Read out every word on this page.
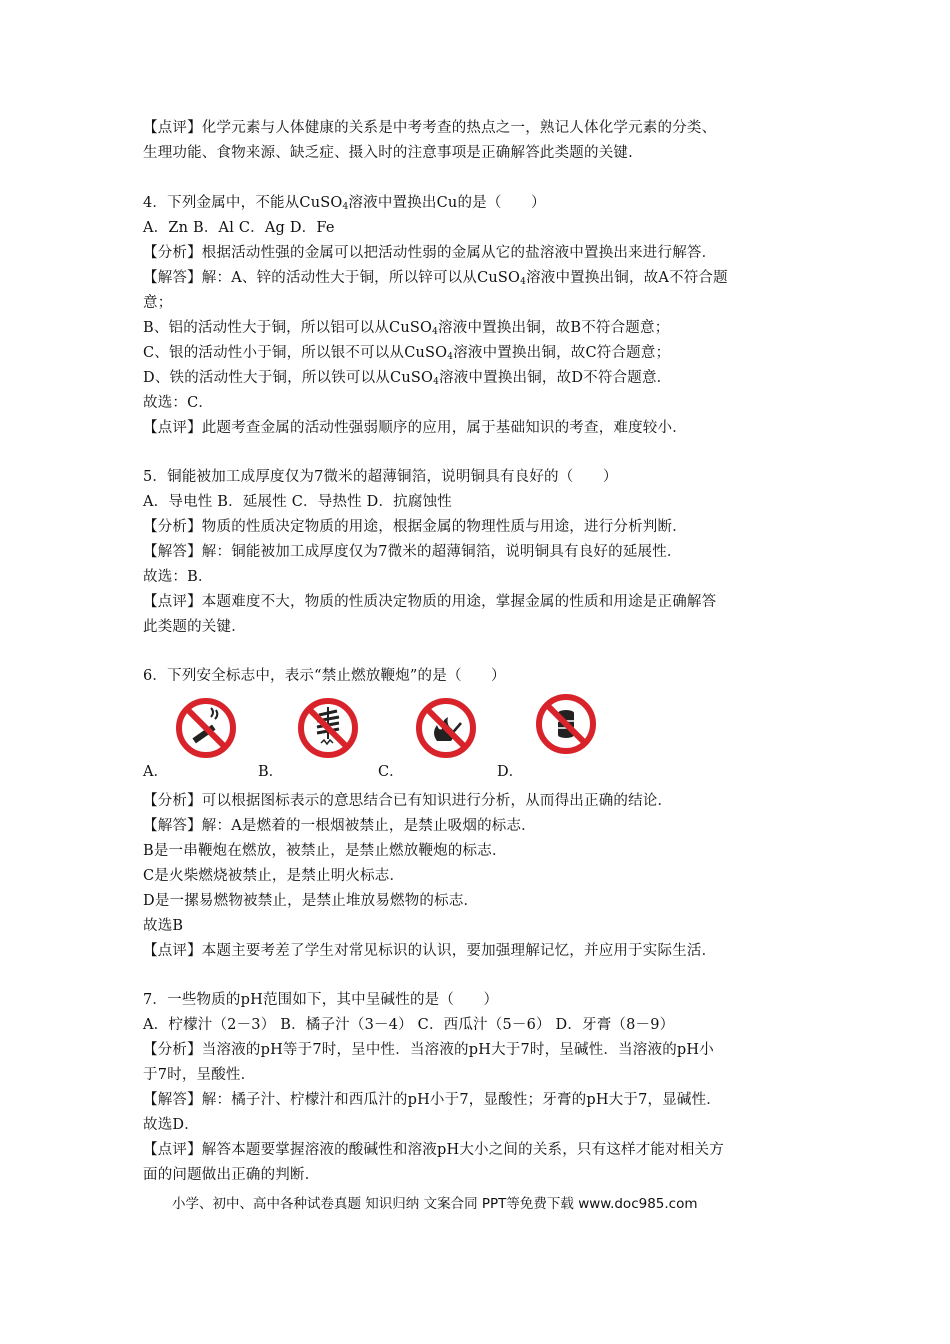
【点评】化学元素与人体健康的关系是中考考查的热点之一，熟记人体化学元素的分类、
生理功能、食物来源、缺乏症、摄入时的注意事项是正确解答此类题的关键.
4．下列金属中，不能从CuSO$_4$溶液中置换出Cu的是（　　）
A．Zn B．Al C．Ag D．Fe
【分析】根据活动性强的金属可以把活动性弱的金属从它的盐溶液中置换出来进行解答．
【解答】解：A、锌的活动性大于铜，所以锌可以从CuSO$_4$溶液中置换出铜，故A不符合题
意；
B、铝的活动性大于铜，所以铝可以从CuSO$_4$溶液中置换出铜，故B不符合题意；
C、银的活动性小于铜，所以银不可以从CuSO$_4$溶液中置换出铜，故C符合题意；
D、铁的活动性大于铜，所以铁可以从CuSO$_4$溶液中置换出铜，故D不符合题意．
故选：C．
【点评】此题考查金属的活动性强弱顺序的应用，属于基础知识的考查，难度较小．
5．铜能被加工成厚度仅为7微米的超薄铜箔，说明铜具有良好的（　　）
A．导电性 B．延展性 C．导热性 D．抗腐蚀性
【分析】物质的性质决定物质的用途，根据金属的物理性质与用途，进行分析判断．
【解答】解：铜能被加工成厚度仅为7微米的超薄铜箔，说明铜具有良好的延展性．
故选：B．
【点评】本题难度不大，物质的性质决定物质的用途，掌握金属的性质和用途是正确解答
此类题的关键．
6．下列安全标志中，表示“禁止燃放鞭炮”的是（　　）
A．	B．	C．	D．
【分析】可以根据图标表示的意思结合已有知识进行分析，从而得出正确的结论．
【解答】解：A是燃着的一根烟被禁止，是禁止吸烟的标志．
B是一串鞭炮在燃放，被禁止，是禁止燃放鞭炮的标志．
C是火柴燃烧被禁止，是禁止明火标志．
D是一摞易燃物被禁止，是禁止堆放易燃物的标志．
故选B
【点评】本题主要考差了学生对常见标识的认识，要加强理解记忆，并应用于实际生活．
7．一些物质的pH范围如下，其中呈碱性的是（　　）
A．柠檬汁（2－3） B．橘子汁（3－4） C．西瓜汁（5－6） D．牙膏（8－9）
【分析】当溶液的pH等于7时，呈中性．当溶液的pH大于7时，呈碱性．当溶液的pH小
于7时，呈酸性．
【解答】解：橘子汁、柠檬汁和西瓜汁的pH小于7，显酸性；牙膏的pH大于7，显碱性．
故选D．
【点评】解答本题要掌握溶液的酸碱性和溶液pH大小之间的关系，只有这样才能对相关方
面的问题做出正确的判断．
小学、初中、高中各种试卷真题 知识归纳 文案合同 PPT等免费下载 www.doc985.com
